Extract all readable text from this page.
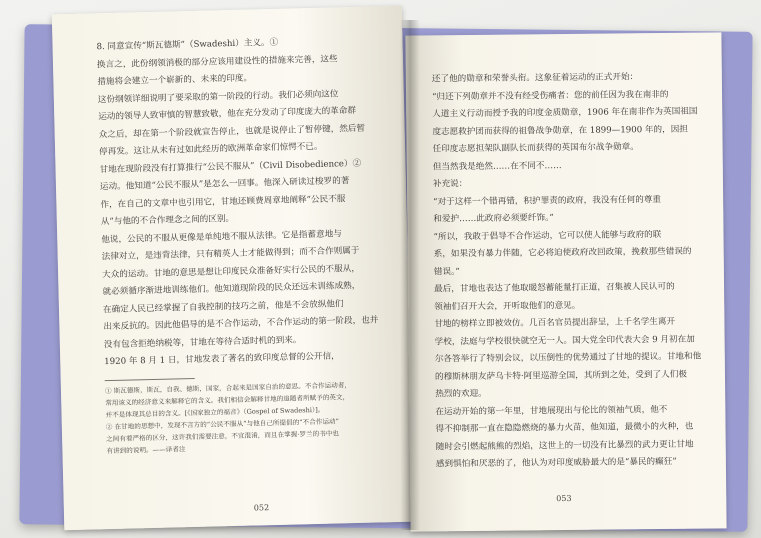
8. 同意宣传“斯瓦德斯”（Swadeshi）主义。①

换言之，此份纲领消极的部分应该用建设性的措施来完善，这些

措施将会建立一个崭新的、未来的印度。

这份纲领详细说明了要采取的第一阶段的行动。我们必须向这位

运动的领导人致审慎的智慧致敬，他在充分发动了印度庞大的革命群

众之后，却在第一个阶段就宣告停止，也就是说停止了暂停键，然后暂

停再发。这让从未有过如此经历的欧洲革命家们惊愕不已。

甘地在现阶段没有打算推行“公民不服从”（Civil Disobedience）②

运动。他知道“公民不服从”是怎么一回事。他深入研读过梭罗的著

作，在自己的文章中也引用它，甘地还顾费周章地阐释“公民不服

从”与他的不合作理念之间的区别。

他说，公民的不服从更像是单纯地不服从法律。它是指蓄意地与

法律对立，是违背法律，只有精英人士才能做得到；而不合作则属于

大众的运动。甘地的意思是想让印度民众准备好实行公民的不服从，

就必须循序渐进地训练他们。他知道现阶段的民众还远未训练成熟，

在确定人民已经掌握了自我控制的技巧之前，他是不会放纵他们

出来反抗的。因此他倡导的是不合作运动，不合作运动的第一阶段，也并

没有包含拒绝纳税等，甘地在等待合适时机的到来。

1920 年 8 月 1 日，甘地发表了著名的致印度总督的公开信，

① 斯瓦德斯，斯瓦，自我、德斯，国家，合起来是国家自治的意思。不合作运动者，

常用该义的经济意义来解释它的含义。我们相信会解释甘地的追随者所赋予的英文，

并不是体现其总目的含义。[《国家独立的福音》（Gospel of Swadeshi）]。

② 在甘地的思想中，发现不言方的“公民不服从”与他自己所提倡的“不合作运动”

之间有着严格的区分，这许我们需要注意，不宜混淆，而且在掌握·罗兰的书中也

有讲到的说明。——译者注

052

还了他的勋章和荣誉头衔。这象征着运动的正式开始：

“归还下列勋章并不没有经受伤痛者：您的前任因为我在南非的

人道主义行动而授予我的印度金质勋章，1906 年在南非作为英国祖国

度志愿救护团而获得的祖鲁战争勋章，在 1899—1900 年的，因担

任印度志愿担架队副队长而获得的英国布尔战争勋章。

但当然我是绝然……在不同不……

补充说：

“对于这样一个错再错，积护罪责的政府，我没有任何的尊重

和爱护……此政府必须要纤饰。”

“所以，我敢于倡导不合作运动，它可以使人能够与政府的联

系，如果没有暴力伴随，它必将迫使政府改回政策，挽救那些错误的

错误。”

最后，甘地也表达了他取暖怒蓄能量打正道，召集被人民认可的

领袖们召开大会，开听取他们的意见。

甘地的榜样立即被效仿。几百名官员提出辞呈，上千名学生离开

学校，法庭与学校很快就空无一人。国大党全印代表大会 9 月初在加

尔各答举行了特别会议，以压倒性的优势通过了甘地的提议。甘地和他

的穆斯林朋友萨乌卡特·阿里巡游全国，其所到之处，受到了人们极

热烈的欢迎。

在运动开始的第一年里，甘地展现出与伦比的领袖气质，他不

得不抑制那一直在隐隐燃烧的暴力火苗，他知道，最微小的火种，也

随时会引燃起熊熊的烈焰，这世上的一切没有比暴烈的武力更让甘地

感到惧怕和厌恶的了，他认为对印度威胁最大的是“暴民的癫狂”

053
